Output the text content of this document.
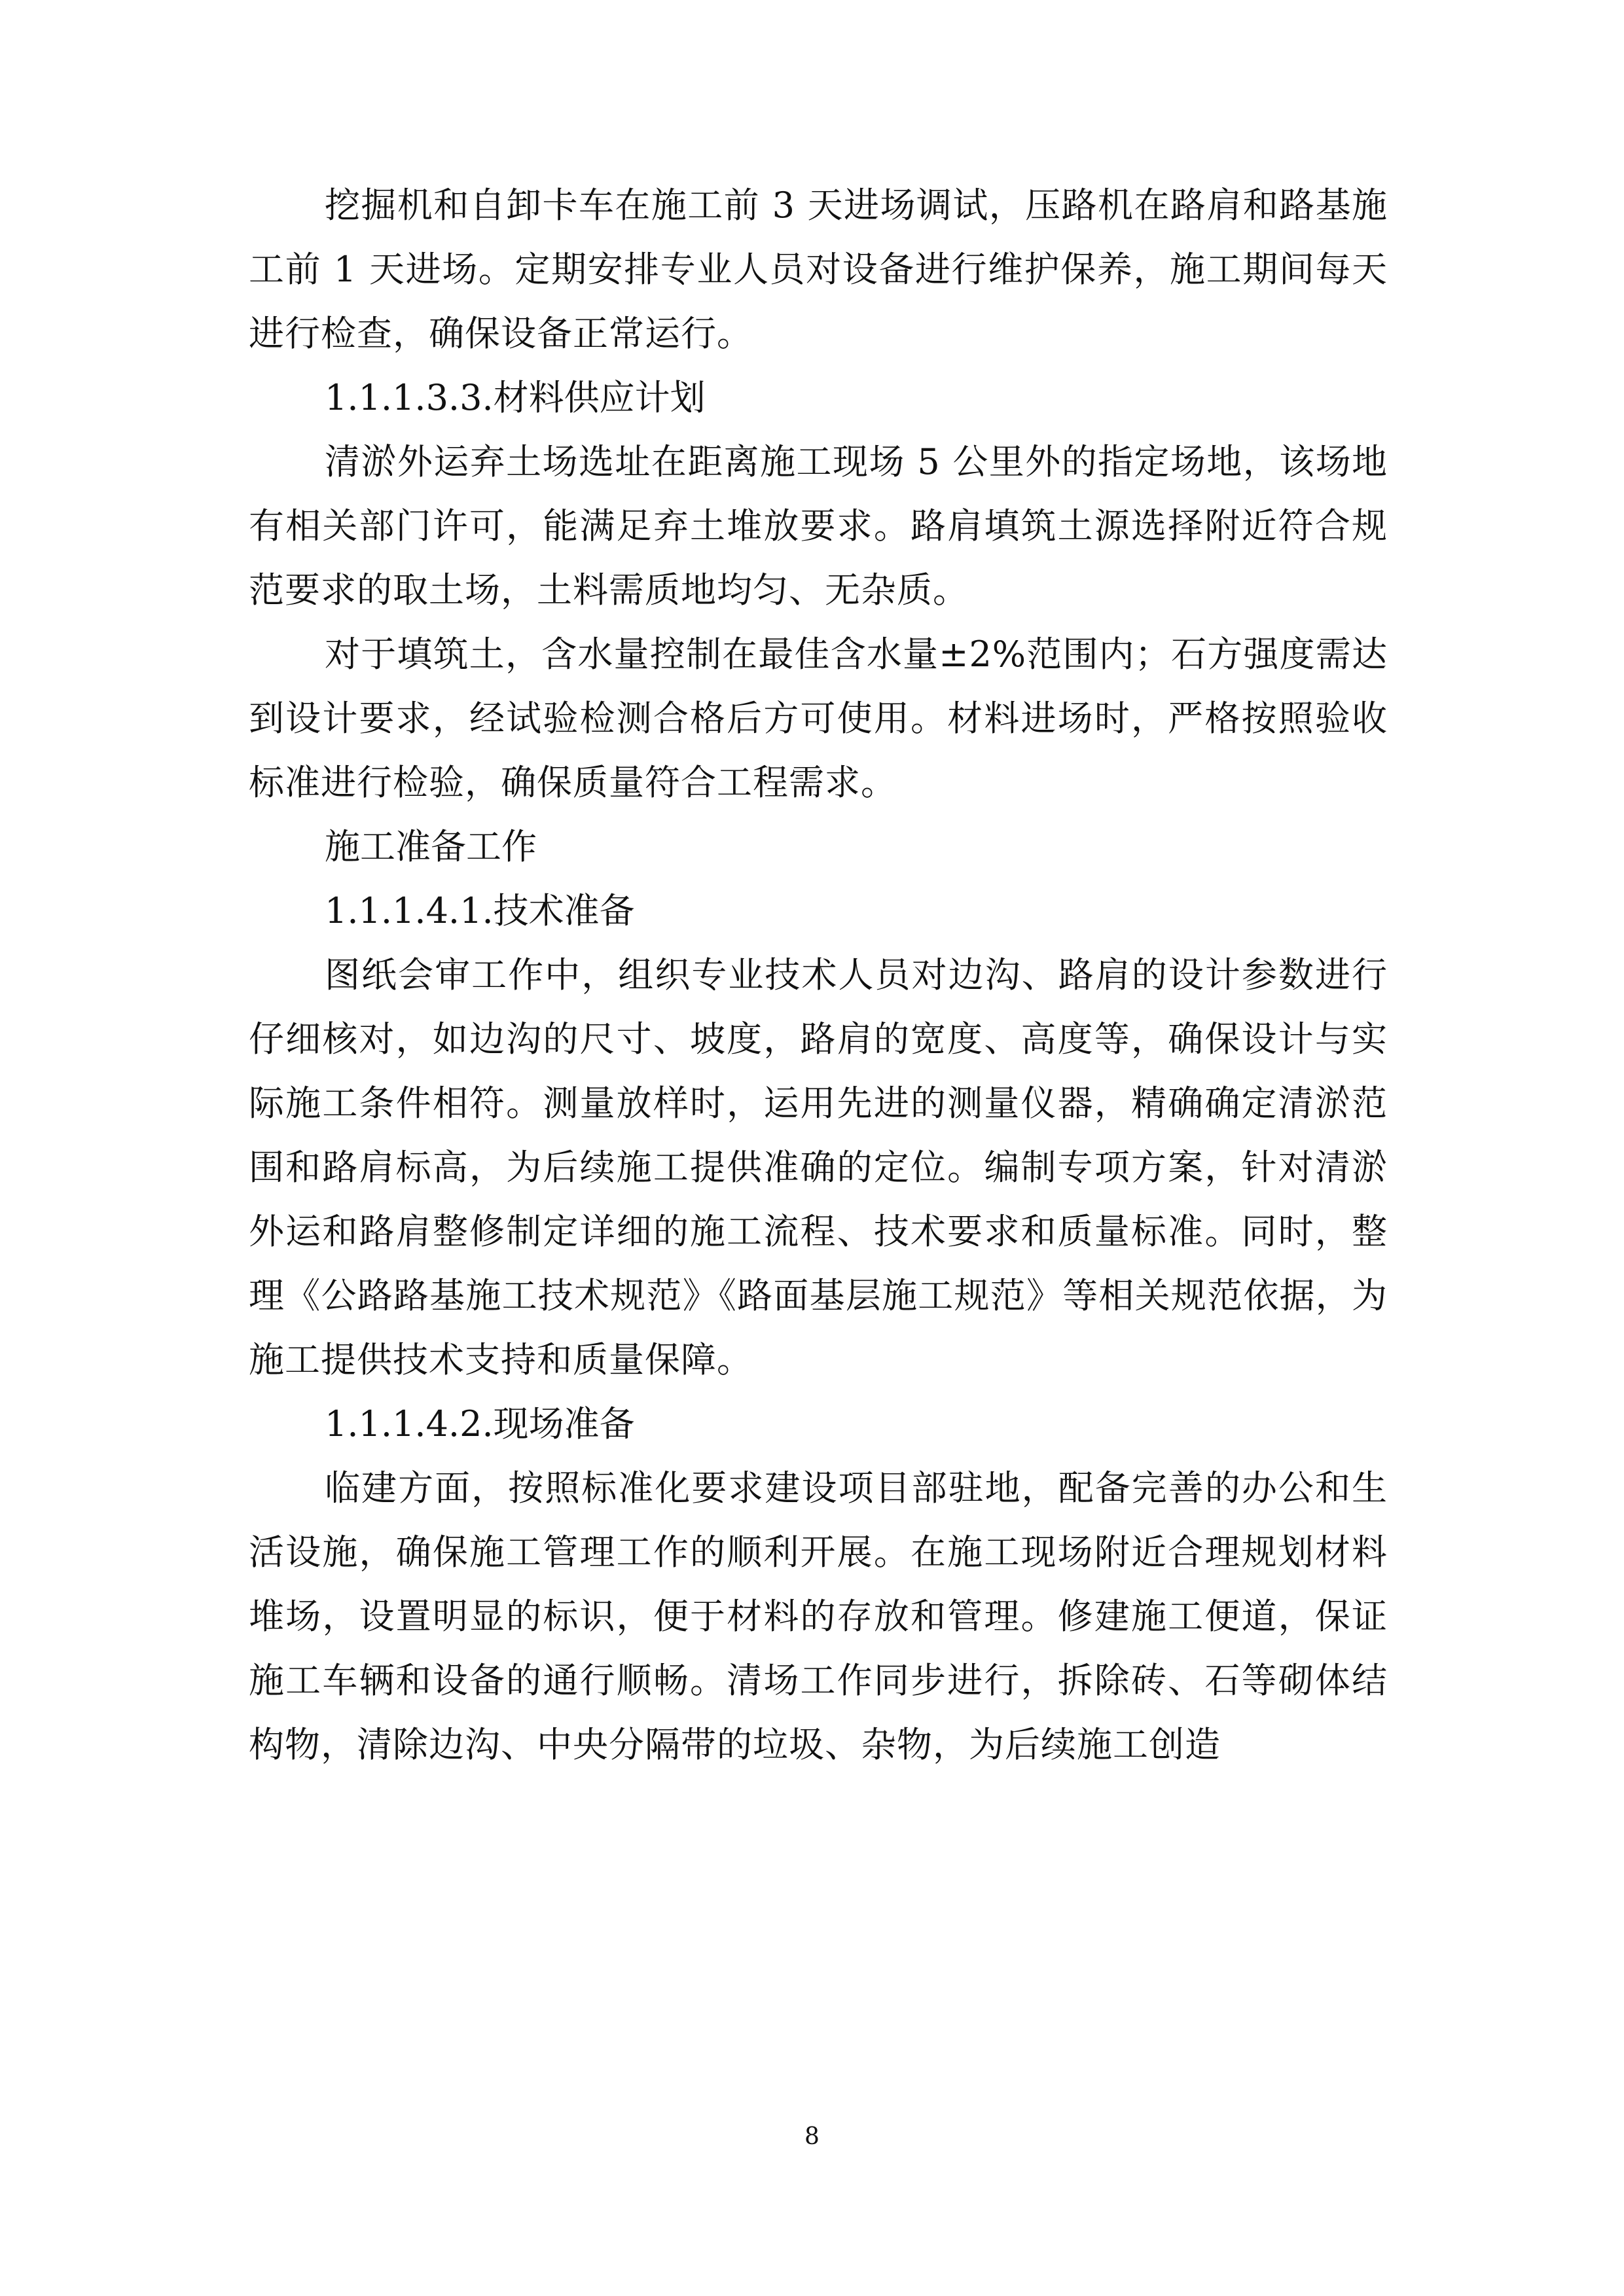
挖掘机和自卸卡车在施工前 3 天进场调试，压路机在路肩和路基施工前 1 天进场。定期安排专业人员对设备进行维护保养，施工期间每天进行检查，确保设备正常运行。

1.1.1.3.3.材料供应计划

清淤外运弃土场选址在距离施工现场 5 公里外的指定场地，该场地有相关部门许可，能满足弃土堆放要求。路肩填筑土源选择附近符合规范要求的取土场，土料需质地均匀、无杂质。

对于填筑土，含水量控制在最佳含水量±2%范围内；石方强度需达到设计要求，经试验检测合格后方可使用。材料进场时，严格按照验收标准进行检验，确保质量符合工程需求。

施工准备工作

1.1.1.4.1.技术准备

图纸会审工作中，组织专业技术人员对边沟、路肩的设计参数进行仔细核对，如边沟的尺寸、坡度，路肩的宽度、高度等，确保设计与实际施工条件相符。测量放样时，运用先进的测量仪器，精确确定清淤范围和路肩标高，为后续施工提供准确的定位。编制专项方案，针对清淤外运和路肩整修制定详细的施工流程、技术要求和质量标准。同时，整理《公路路基施工技术规范》《路面基层施工规范》等相关规范依据，为施工提供技术支持和质量保障。

1.1.1.4.2.现场准备

临建方面，按照标准化要求建设项目部驻地，配备完善的办公和生活设施，确保施工管理工作的顺利开展。在施工现场附近合理规划材料堆场，设置明显的标识，便于材料的存放和管理。修建施工便道，保证施工车辆和设备的通行顺畅。清场工作同步进行，拆除砖、石等砌体结构物，清除边沟、中央分隔带的垃圾、杂物，为后续施工创造

8
